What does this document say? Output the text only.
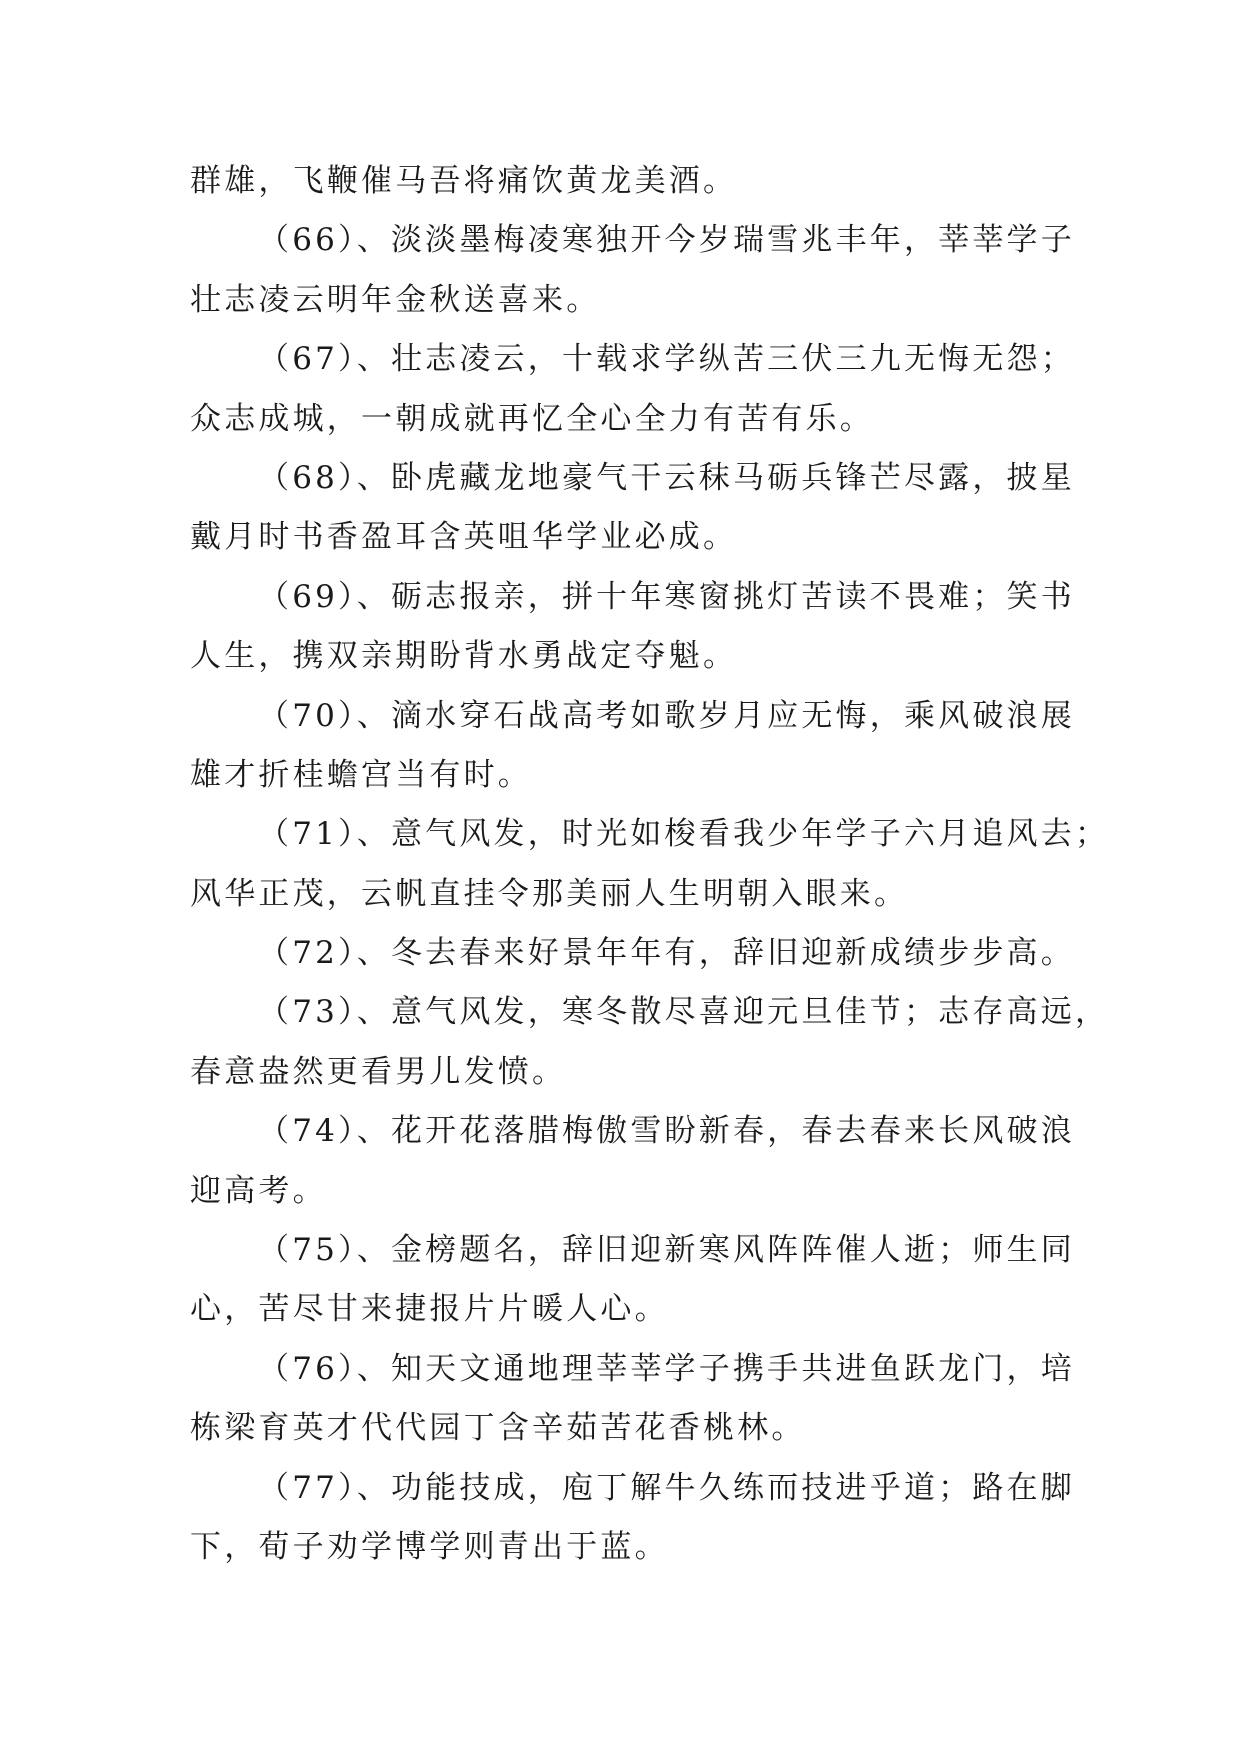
群雄，飞鞭催马吾将痛饮黄龙美酒。
（66）、淡淡墨梅凌寒独开今岁瑞雪兆丰年，莘莘学子
壮志凌云明年金秋送喜来。
（67）、壮志凌云，十载求学纵苦三伏三九无悔无怨；
众志成城，一朝成就再忆全心全力有苦有乐。
（68）、卧虎藏龙地豪气干云秣马砺兵锋芒尽露，披星
戴月时书香盈耳含英咀华学业必成。
（69）、砺志报亲，拼十年寒窗挑灯苦读不畏难；笑书
人生，携双亲期盼背水勇战定夺魁。
（70）、滴水穿石战高考如歌岁月应无悔，乘风破浪展
雄才折桂蟾宫当有时。
（71）、意气风发，时光如梭看我少年学子六月追风去；
风华正茂，云帆直挂令那美丽人生明朝入眼来。
（72）、冬去春来好景年年有，辞旧迎新成绩步步高。
（73）、意气风发，寒冬散尽喜迎元旦佳节；志存高远，
春意盎然更看男儿发愤。
（74）、花开花落腊梅傲雪盼新春，春去春来长风破浪
迎高考。
（75）、金榜题名，辞旧迎新寒风阵阵催人逝；师生同
心，苦尽甘来捷报片片暖人心。
（76）、知天文通地理莘莘学子携手共进鱼跃龙门，培
栋梁育英才代代园丁含辛茹苦花香桃林。
（77）、功能技成，庖丁解牛久练而技进乎道；路在脚
下，荀子劝学博学则青出于蓝。
